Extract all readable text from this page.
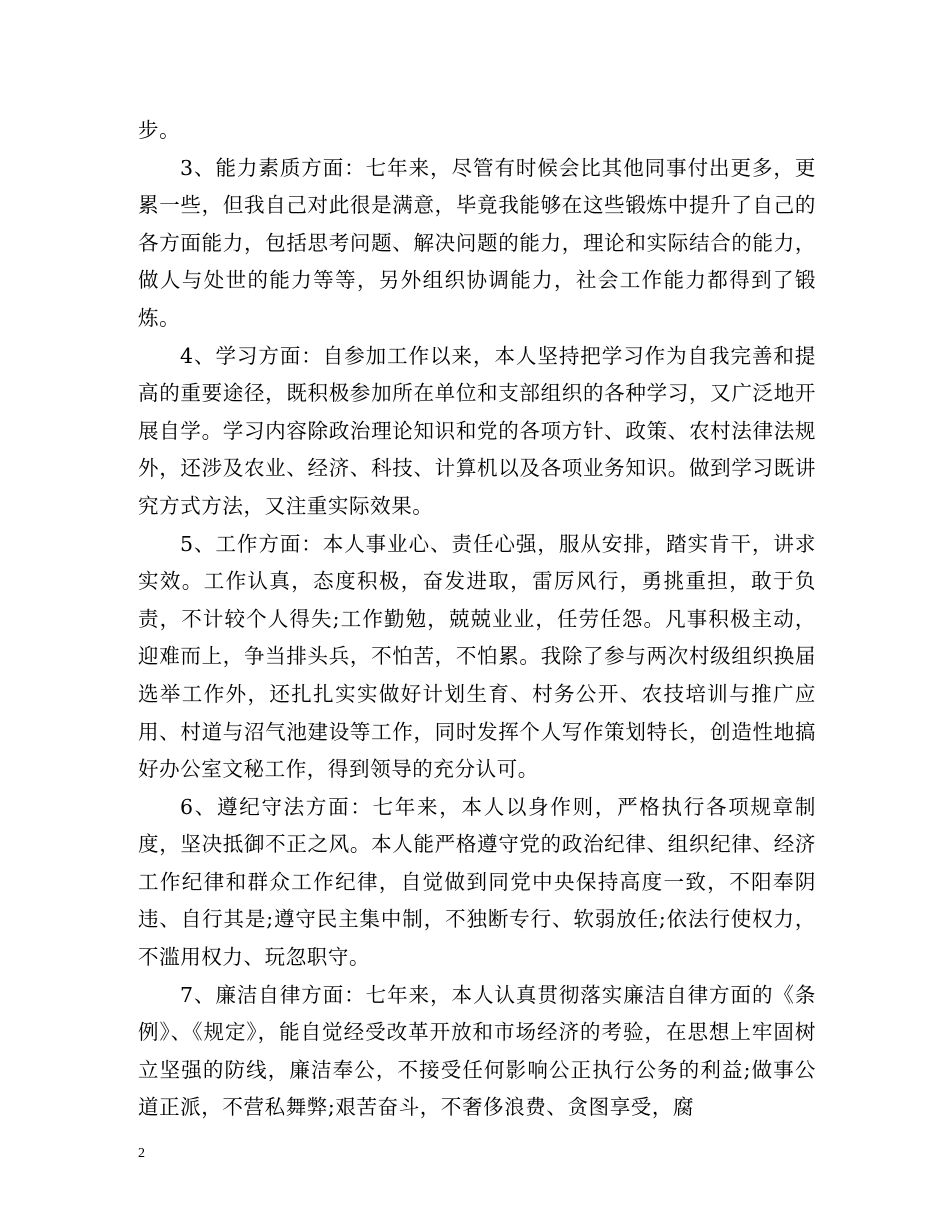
步。

3、能力素质方面：七年来，尽管有时候会比其他同事付出更多，更累一些，但我自己对此很是满意，毕竟我能够在这些锻炼中提升了自己的各方面能力，包括思考问题、解决问题的能力，理论和实际结合的能力，做人与处世的能力等等，另外组织协调能力，社会工作能力都得到了锻炼。

4、学习方面：自参加工作以来，本人坚持把学习作为自我完善和提高的重要途径，既积极参加所在单位和支部组织的各种学习，又广泛地开展自学。学习内容除政治理论知识和党的各项方针、政策、农村法律法规外，还涉及农业、经济、科技、计算机以及各项业务知识。做到学习既讲究方式方法，又注重实际效果。

5、工作方面：本人事业心、责任心强，服从安排，踏实肯干，讲求实效。工作认真，态度积极，奋发进取，雷厉风行，勇挑重担，敢于负责，不计较个人得失;工作勤勉，兢兢业业，任劳任怨。凡事积极主动，迎难而上，争当排头兵，不怕苦，不怕累。我除了参与两次村级组织换届选举工作外，还扎扎实实做好计划生育、村务公开、农技培训与推广应用、村道与沼气池建设等工作，同时发挥个人写作策划特长，创造性地搞好办公室文秘工作，得到领导的充分认可。

6、遵纪守法方面：七年来，本人以身作则，严格执行各项规章制度，坚决抵御不正之风。本人能严格遵守党的政治纪律、组织纪律、经济工作纪律和群众工作纪律，自觉做到同党中央保持高度一致，不阳奉阴违、自行其是;遵守民主集中制，不独断专行、软弱放任;依法行使权力，不滥用权力、玩忽职守。

7、廉洁自律方面：七年来，本人认真贯彻落实廉洁自律方面的《条例》、《规定》，能自觉经受改革开放和市场经济的考验，在思想上牢固树立坚强的防线，廉洁奉公，不接受任何影响公正执行公务的利益;做事公道正派，不营私舞弊;艰苦奋斗，不奢侈浪费、贪图享受，腐

2
